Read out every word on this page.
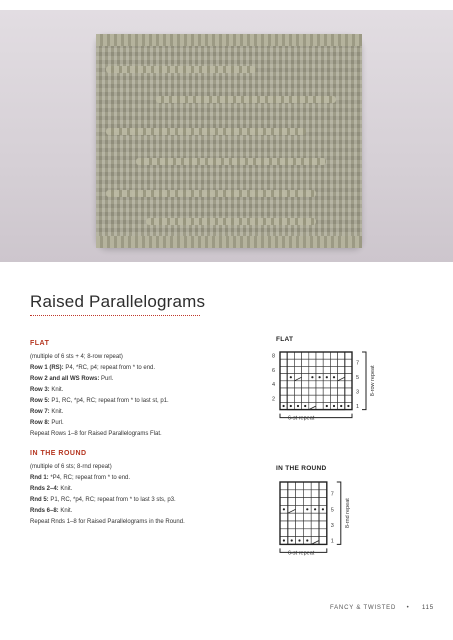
Raised Parallelograms
FLAT

(multiple of 6 sts + 4; 8-row repeat)

Row 1 (RS): P4, *RC, p4; repeat from * to end.

Row 2 and all WS Rows: Purl.

Row 3: Knit.

Row 5: P1, RC, *p4, RC; repeat from * to last st, p1.

Row 7: Knit.

Row 8: Purl.

Repeat Rows 1–8 for Raised Parallelograms Flat.

IN THE ROUND

(multiple of 6 sts; 8-rnd repeat)

Rnd 1: *P4, RC; repeat from * to end.

Rnds 2–4: Knit.

Rnd 5: P1, RC, *p4, RC; repeat from * to last 3 sts, p3.

Rnds 6–8: Knit.

Repeat Rnds 1–8 for Raised Parallelograms in the Round.

FLAT
7
5
3
1
8
6
4
2
8-row repeat
6-st repeat
IN THE ROUND
7
5
3
1
8-rnd repeat
6-st repeat
FANCY & TWISTED • 115
